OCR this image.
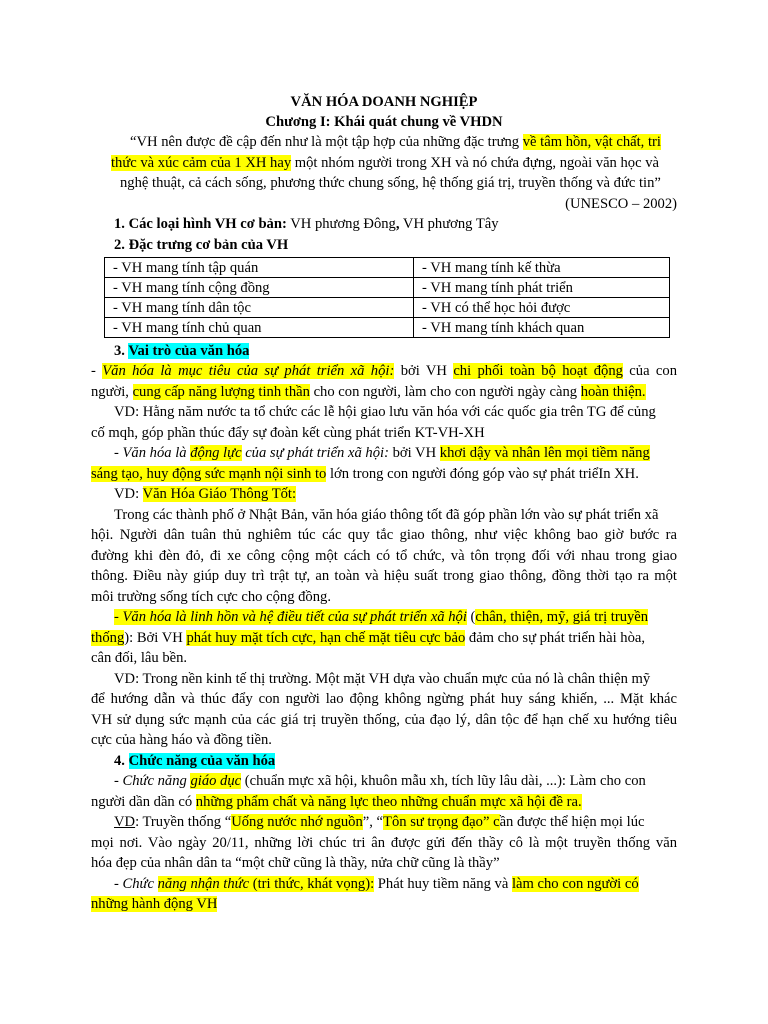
VĂN HÓA DOANH NGHIỆP
Chương I: Khái quát chung về VHDN
“VH nên được đề cập đến như là một tập hợp của những đặc trưng về tâm hồn, vật chất, tri
thức và xúc cảm của 1 XH hay một nhóm người trong XH và nó chứa đựng, ngoài văn học và
nghệ thuật, cả cách sống, phương thức chung sống, hệ thống giá trị, truyền thống và đức tin”
(UNESCO – 2002)
1. Các loại hình VH cơ bản: VH phương Đông, VH phương Tây
2. Đặc trưng cơ bản của VH
- VH mang tính tập quán	- VH mang tính kế thừa
- VH mang tính cộng đồng	- VH mang tính phát triển
- VH mang tính dân tộc	- VH có thể học hỏi được
- VH mang tính chủ quan	- VH mang tính khách quan
3. Vai trò của văn hóa
- Văn hóa là mục tiêu của sự phát triển xã hội: bởi VH chi phối toàn bộ hoạt động của con
người, cung cấp năng lượng tinh thần cho con người, làm cho con người ngày càng hoàn thiện.
VD: Hằng năm nước ta tổ chức các lễ hội giao lưu văn hóa với các quốc gia trên TG để củng
cố mqh, góp phần thúc đẩy sự đoàn kết cùng phát triển KT-VH-XH
- Văn hóa là động lực của sự phát triển xã hội: bởi VH khơi dậy và nhân lên mọi tiềm năng
sáng tạo, huy động sức mạnh nội sinh to lớn trong con người đóng góp vào sự phát triểIn XH.
VD: Văn Hóa Giáo Thông Tốt:
Trong các thành phố ở Nhật Bản, văn hóa giáo thông tốt đã góp phần lớn vào sự phát triển xã
hội. Người dân tuân thủ nghiêm túc các quy tắc giao thông, như việc không bao giờ bước ra
đường khi đèn đỏ, đi xe công cộng một cách có tổ chức, và tôn trọng đối với nhau trong giao
thông. Điều này giúp duy trì trật tự, an toàn và hiệu suất trong giao thông, đồng thời tạo ra một
môi trường sống tích cực cho cộng đồng.
- Văn hóa là linh hồn và hệ điều tiết của sự phát triển xã hội (chân, thiện, mỹ, giá trị truyền
thống): Bởi VH phát huy mặt tích cực, hạn chế mặt tiêu cực bảo đảm cho sự phát triển hài hòa,
cân đối, lâu bền.
VD: Trong nền kinh tế thị trường. Một mặt VH dựa vào chuẩn mực của nó là chân thiện mỹ
để hướng dẫn và thúc đẩy con người lao động không ngừng phát huy sáng khiến, ... Mặt khác
VH sử dụng sức mạnh của các giá trị truyền thống, của đạo lý, dân tộc để hạn chế xu hướng tiêu
cực của hàng háo và đồng tiền.
4. Chức năng của văn hóa
- Chức năng giáo dục (chuẩn mực xã hội, khuôn mẫu xh, tích lũy lâu dài, ...): Làm cho con
người dần dần có những phẩm chất và năng lực theo những chuẩn mực xã hội đề ra.
VD: Truyền thống “Uống nước nhớ nguồn”, “Tôn sư trọng đạo” cần được thể hiện mọi lúc
mọi nơi. Vào ngày 20/11, những lời chúc tri ân được gửi đến thầy cô là một truyền thống văn
hóa đẹp của nhân dân ta “một chữ cũng là thầy, nửa chữ cũng là thầy”
- Chức năng nhận thức (tri thức, khát vọng): Phát huy tiềm năng và làm cho con người có
những hành động VH
